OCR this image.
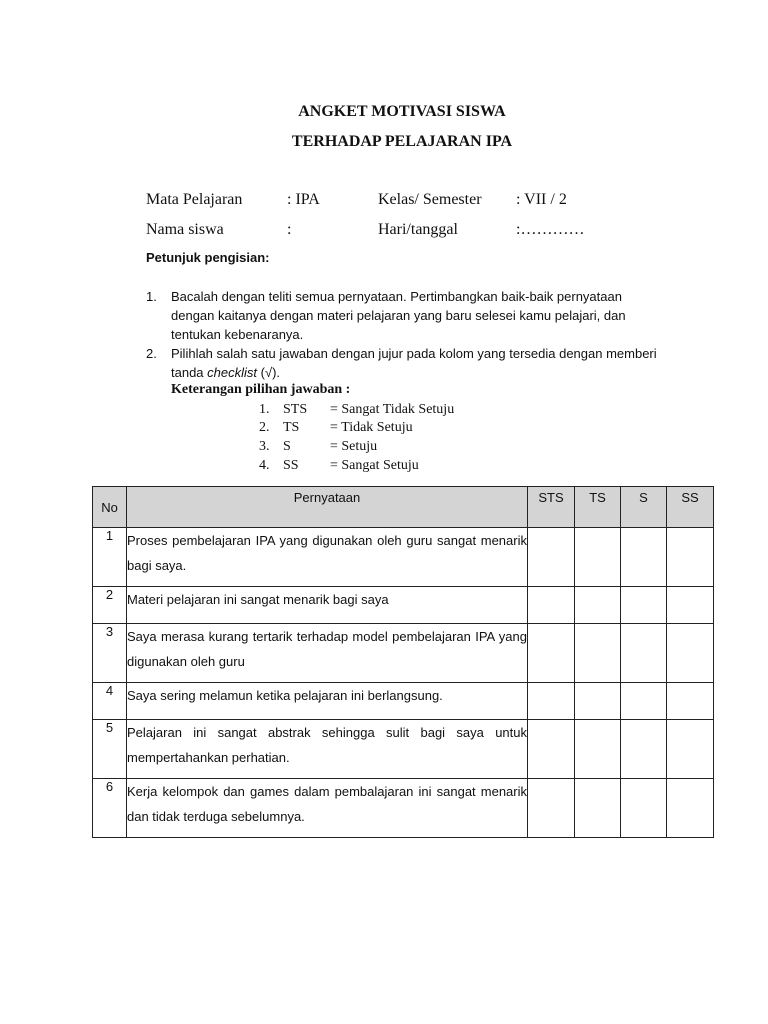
ANGKET MOTIVASI SISWA
TERHADAP PELAJARAN IPA
Mata Pelajaran	: IPA	Kelas/ Semester : VII / 2
Nama siswa	:	Hari/tanggal	:…………
Petunjuk pengisian:
1. Bacalah dengan teliti semua pernyataan. Pertimbangkan baik-baik pernyataan dengan kaitanya dengan materi pelajaran yang baru selesei kamu pelajari, dan tentukan kebenaranya.
2. Pilihlah salah satu jawaban dengan jujur pada kolom yang tersedia dengan memberi tanda checklist (√).
Keterangan pilihan jawaban :
1. STS = Sangat Tidak Setuju
2. TS = Tidak Setuju
3. S	= Setuju
4. SS = Sangat Setuju
No	Pernyataan	STS	TS	S	SS
1	Proses pembelajaran IPA yang digunakan oleh guru sangat menarik bagi saya.				
2	Materi pelajaran ini sangat menarik bagi saya				
3	Saya merasa kurang tertarik terhadap model pembelajaran IPA yang digunakan oleh guru				
4	Saya sering melamun ketika pelajaran ini berlangsung.				
5	Pelajaran ini sangat abstrak sehingga sulit bagi saya untuk mempertahankan perhatian.				
6	Kerja kelompok dan games dalam pembalajaran ini sangat menarik dan tidak terduga sebelumnya.				
